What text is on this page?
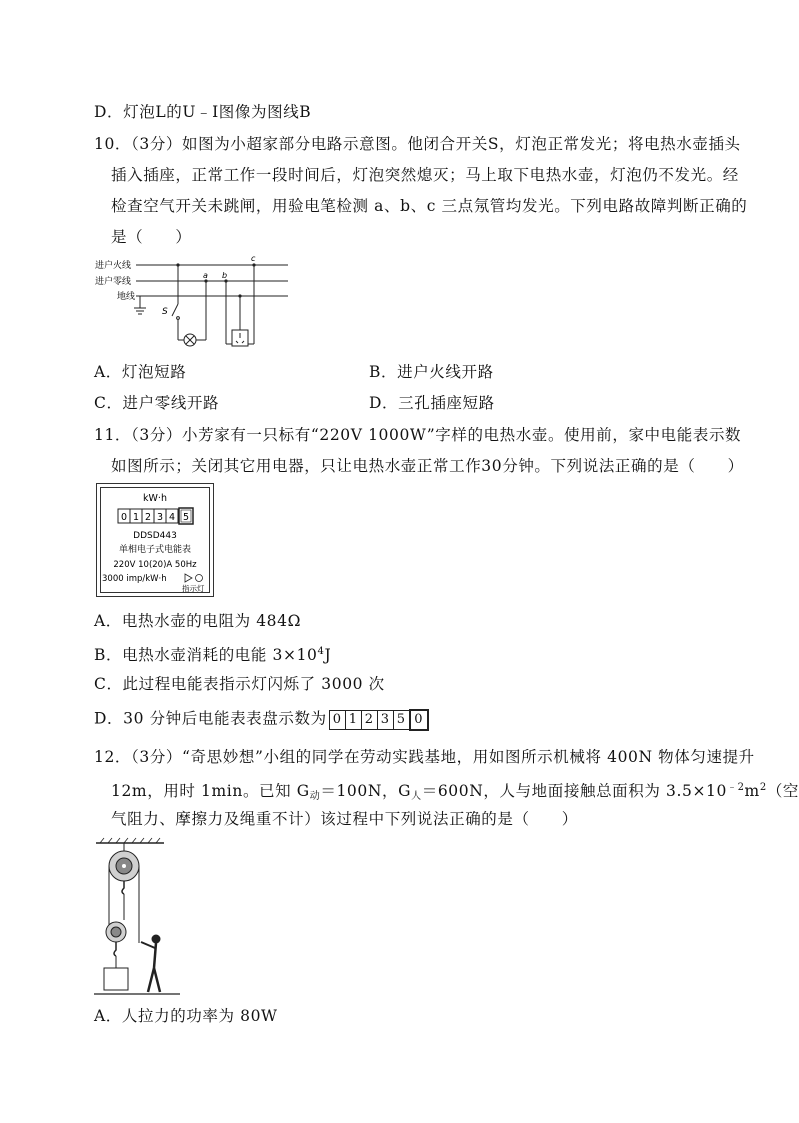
D．灯泡L的U﹣I图像为图线B
10．（3分）如图为小超家部分电路示意图。他闭合开关S，灯泡正常发光；将电热水壶插头
插入插座，正常工作一段时间后，灯泡突然熄灭；马上取下电热水壶，灯泡仍不发光。经
检查空气开关未跳闸，用验电笔检测 a、b、c 三点氖管均发光。下列电路故障判断正确的
是（　　）
进户火线
进户零线
地线
S
a b
c
A．灯泡短路	B．进户火线开路
C．进户零线开路	D．三孔插座短路
11．（3分）小芳家有一只标有“220V 1000W”字样的电热水壶。使用前，家中电能表示数
如图所示；关闭其它用电器，只让电热水壶正常工作30分钟。下列说法正确的是（　　）
kW·h
0 1 2 3 4 5
DDSD443
单相电子式电能表
220V 10(20)A 50Hz
3000 imp/kW·h
指示灯
A．电热水壶的电阻为 484Ω
B．电热水壶消耗的电能 $3\times 10^4J$
C．此过程电能表指示灯闪烁了 3000 次
D．30 分钟后电能表表盘示数为 0 1 2 3 5 0
12．（3分）“奇思妙想”小组的同学在劳动实践基地，用如图所示机械将 400N 物体匀速提升
12m，用时 1min。已知 $G_动=100N$，$G_人=600N$，人与地面接触总面积为 $3.5\times 10^{﹣2}m^2$（空
气阻力、摩擦力及绳重不计）该过程中下列说法正确的是（　　）
A．人拉力的功率为 80W
